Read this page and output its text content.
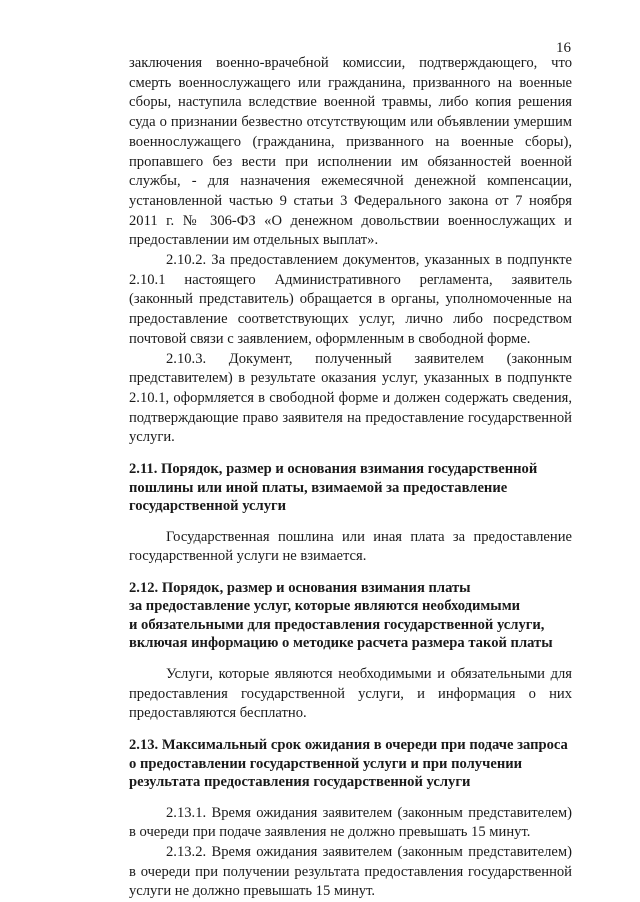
16

заключения военно-врачебной комиссии, подтверждающего, что смерть военнослужащего или гражданина, призванного на военные сборы, наступила вследствие военной травмы, либо копия решения суда о признании безвестно отсутствующим или объявлении умершим военнослужащего (гражданина, призванного на военные сборы), пропавшего без вести при исполнении им обязанностей военной службы, - для назначения ежемесячной денежной компенсации, установленной частью 9 статьи 3 Федерального закона от 7 ноября 2011 г. № 306-ФЗ «О денежном довольствии военнослужащих и предоставлении им отдельных выплат».

2.10.2. За предоставлением документов, указанных в подпункте 2.10.1 настоящего Административного регламента, заявитель (законный представитель) обращается в органы, уполномоченные на предоставление соответствующих услуг, лично либо посредством почтовой связи с заявлением, оформленным в свободной форме.

2.10.3. Документ, полученный заявителем (законным представителем) в результате оказания услуг, указанных в подпункте 2.10.1, оформляется в свободной форме и должен содержать сведения, подтверждающие право заявителя на предоставление государственной услуги.

2.11. Порядок, размер и основания взимания государственной

пошлины или иной платы, взимаемой за предоставление

государственной услуги

Государственная пошлина или иная плата за предоставление государственной услуги не взимается.

2.12. Порядок, размер и основания взимания платы

за предоставление услуг, которые являются необходимыми

и обязательными для предоставления государственной услуги,

включая информацию о методике расчета размера такой платы

Услуги, которые являются необходимыми и обязательными для предоставления государственной услуги, и информация о них предоставляются бесплатно.

2.13. Максимальный срок ожидания в очереди при подаче запроса

о предоставлении государственной услуги и при получении

результата предоставления государственной услуги

2.13.1. Время ожидания заявителем (законным представителем) в очереди при подаче заявления не должно превышать 15 минут.

2.13.2. Время ожидания заявителем (законным представителем) в очереди при получении результата предоставления государственной услуги не должно превышать 15 минут.
